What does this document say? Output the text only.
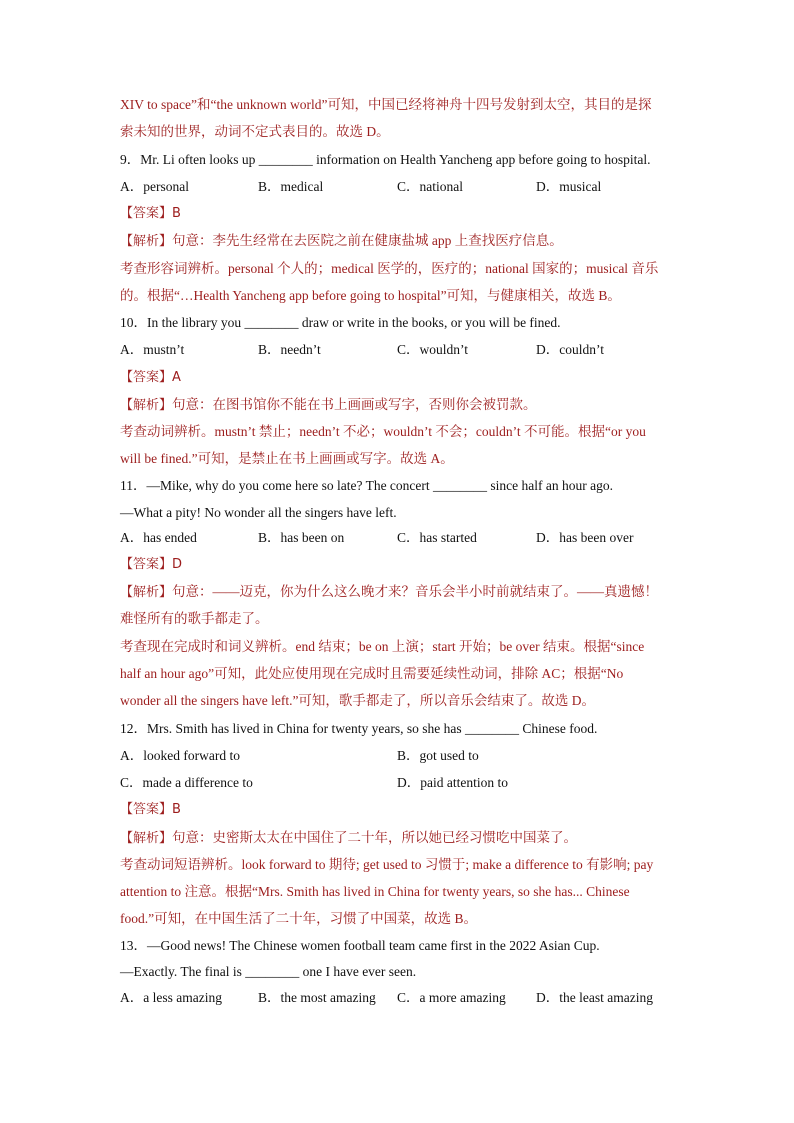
XIV to space”和“the unknown world”可知，中国已经将神舟十四号发射到太空，其目的是探
索未知的世界，动词不定式表目的。故选 D。
9．Mr. Li often looks up ________ information on Health Yancheng app before going to hospital.
A．personal	B．medical	C．national	D．musical
【答案】B
【解析】句意：李先生经常在去医院之前在健康盐城 app 上查找医疗信息。
考查形容词辨析。personal 个人的；medical 医学的，医疗的；national 国家的；musical 音乐
的。根据“…Health Yancheng app before going to hospital”可知，与健康相关，故选 B。
10．In the library you ________ draw or write in the books, or you will be fined.
A．mustn’t	B．needn’t	C．wouldn’t	D．couldn’t
【答案】A
【解析】句意：在图书馆你不能在书上画画或写字，否则你会被罚款。
考查动词辨析。mustn’t 禁止；needn’t 不必；wouldn’t 不会；couldn’t 不可能。根据“or you
will be fined.”可知，是禁止在书上画画或写字。故选 A。
11．—Mike, why do you come here so late? The concert ________ since half an hour ago.
—What a pity! No wonder all the singers have left.
A．has ended	B．has been on	C．has started	D．has been over
【答案】D
【解析】句意：——迈克，你为什么这么晚才来？音乐会半小时前就结束了。——真遗憾！
难怪所有的歌手都走了。
考查现在完成时和词义辨析。end 结束；be on 上演；start 开始；be over 结束。根据“since
half an hour ago”可知，此处应使用现在完成时且需要延续性动词，排除 AC；根据“No
wonder all the singers have left.”可知，歌手都走了，所以音乐会结束了。故选 D。
12．Mrs. Smith has lived in China for twenty years, so she has ________ Chinese food.
A．looked forward to	B．got used to
C．made a difference to	D．paid attention to
【答案】B
【解析】句意：史密斯太太在中国住了二十年，所以她已经习惯吃中国菜了。
考查动词短语辨析。look forward to 期待; get used to 习惯于; make a difference to 有影响; pay
attention to 注意。根据“Mrs. Smith has lived in China for twenty years, so she has... Chinese
food.”可知，在中国生活了二十年，习惯了中国菜，故选 B。
13．—Good news! The Chinese women football team came first in the 2022 Asian Cup.
—Exactly. The final is ________ one I have ever seen.
A．a less amazing	B．the most amazing C．a more amazing D．the least amazing
